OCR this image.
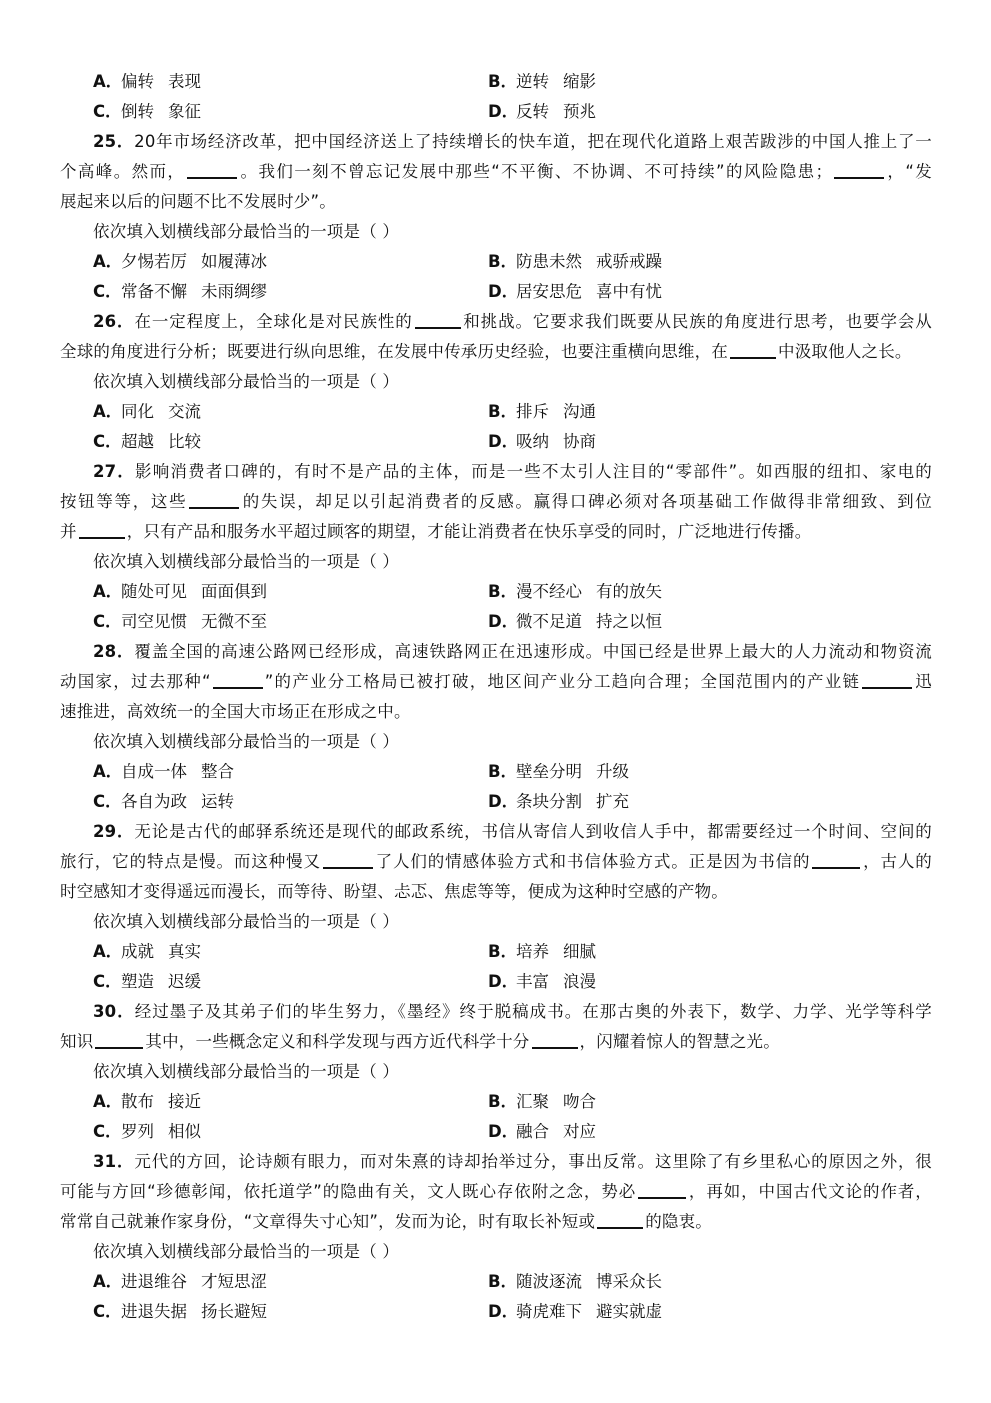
A．偏转 表现	B．逆转 缩影
C．倒转 象征	D．反转 预兆
25．20年市场经济改革，把中国经济送上了持续增长的快车道，把在现代化道路上艰苦跋涉的中国人推上了一
个高峰。然而，	。我们一刻不曾忘记发展中那些“不平衡、不协调、不可持续”的风险隐患；	，“发
展起来以后的问题不比不发展时少”。
依次填入划横线部分最恰当的一项是（ ）
A．夕惕若厉 如履薄冰	B．防患未然 戒骄戒躁
C．常备不懈 未雨绸缪	D．居安思危 喜中有忧
26．在一定程度上，全球化是对民族性的	和挑战。它要求我们既要从民族的角度进行思考，也要学会从
全球的角度进行分析；既要进行纵向思维，在发展中传承历史经验，也要注重横向思维，在	中汲取他人之长。
依次填入划横线部分最恰当的一项是（ ）
A．同化 交流	B．排斥 沟通
C．超越 比较	D．吸纳 协商
27．影响消费者口碑的，有时不是产品的主体，而是一些不太引人注目的“零部件”。如西服的纽扣、家电的
按钮等等，这些	的失误，却足以引起消费者的反感。赢得口碑必须对各项基础工作做得非常细致、到位
并	，只有产品和服务水平超过顾客的期望，才能让消费者在快乐享受的同时，广泛地进行传播。
依次填入划横线部分最恰当的一项是（ ）
A．随处可见 面面俱到	B．漫不经心 有的放矢
C．司空见惯 无微不至	D．微不足道 持之以恒
28．覆盖全国的高速公路网已经形成，高速铁路网正在迅速形成。中国已经是世界上最大的人力流动和物资流
动国家，过去那种“	”的产业分工格局已被打破，地区间产业分工趋向合理；全国范围内的产业链	迅
速推进，高效统一的全国大市场正在形成之中。
依次填入划横线部分最恰当的一项是（ ）
A．自成一体 整合	B．壁垒分明 升级
C．各自为政 运转	D．条块分割 扩充
29．无论是古代的邮驿系统还是现代的邮政系统，书信从寄信人到收信人手中，都需要经过一个时间、空间的
旅行，它的特点是慢。而这种慢又	了人们的情感体验方式和书信体验方式。正是因为书信的	，古人的
时空感知才变得遥远而漫长，而等待、盼望、忐忑、焦虑等等，便成为这种时空感的产物。
依次填入划横线部分最恰当的一项是（ ）
A．成就 真实	B．培养 细腻
C．塑造 迟缓	D．丰富 浪漫
30．经过墨子及其弟子们的毕生努力，《墨经》终于脱稿成书。在那古奥的外表下，数学、力学、光学等科学
知识	其中，一些概念定义和科学发现与西方近代科学十分	，闪耀着惊人的智慧之光。
依次填入划横线部分最恰当的一项是（ ）
A．散布 接近	B．汇聚 吻合
C．罗列 相似	D．融合 对应
31．元代的方回，论诗颇有眼力，而对朱熹的诗却抬举过分，事出反常。这里除了有乡里私心的原因之外，很
可能与方回“珍德彰闻，依托道学”的隐曲有关，文人既心存依附之念，势必	，再如，中国古代文论的作者，
常常自己就兼作家身份，“文章得失寸心知”，发而为论，时有取长补短或	的隐衷。
依次填入划横线部分最恰当的一项是（ ）
A．进退维谷 才短思涩	B．随波逐流 博采众长
C．进退失据 扬长避短	D．骑虎难下 避实就虚
